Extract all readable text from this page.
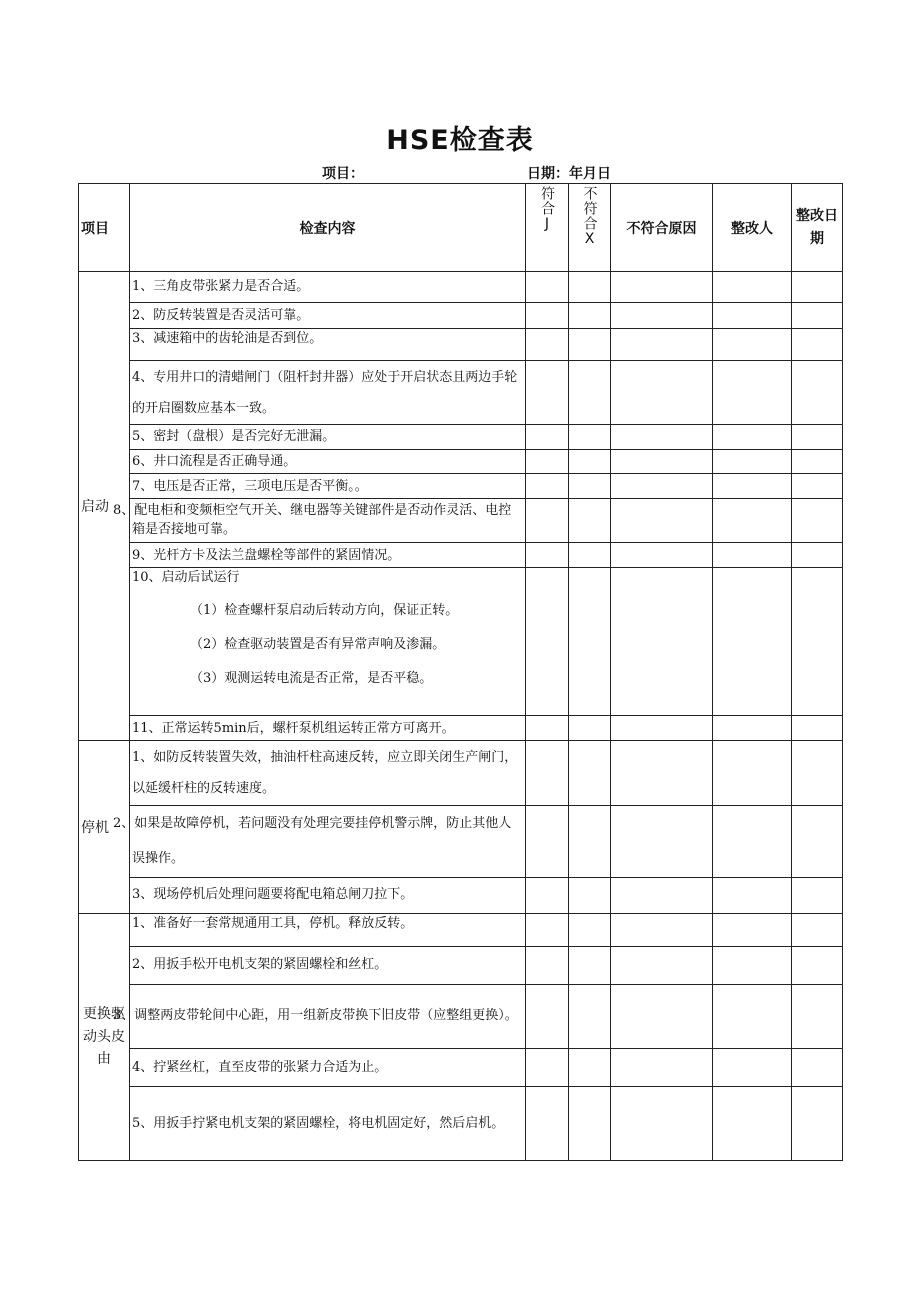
HSE检查表
项目：	日期：年月日
项目	检查内容	符合J	不符合X	不符合原因	整改人	整改日期
启动	1、三角皮带张紧力是否合适。					
	2、防反转装置是否灵活可靠。					
	3、减速箱中的齿轮油是否到位。					
	4、专用井口的清蜡闸门（阻杆封井器）应处于开启状态且两边手轮的开启圈数应基本一致。					
	5、密封（盘根）是否完好无泄漏。					
	6、井口流程是否正确导通。					
	7、电压是否正常，三项电压是否平衡。。					
	8、配电柜和变频柜空气开关、继电器等关键部件是否动作灵活、电控箱是否接地可靠。					
	9、光杆方卡及法兰盘螺栓等部件的紧固情况。					

	10、启动后试运行
（1）检查螺杆泵启动后转动方向，保证正转。
（2）检查驱动装置是否有异常声响及渗漏。
（3）观测运转电流是否正常，是否平稳。					

	11、正常运转5min后，螺杆泵机组运转正常方可离开。					
停机	1、如防反转装置失效，抽油杆柱高速反转，应立即关闭生产闸门，以延缓杆柱的反转速度。					
	2、如果是故障停机，若问题没有处理完要挂停机警示牌，防止其他人误操作。					
	3、现场停机后处理问题要将配电箱总闸刀拉下。					
更换驱动头皮由	1、准备好一套常规通用工具，停机。释放反转。					
	2、用扳手松开电机支架的紧固螺栓和丝杠。					
	3、调整两皮带轮间中心距，用一组新皮带换下旧皮带（应整组更换）。					
	4、拧紧丝杠，直至皮带的张紧力合适为止。					
	5、用扳手拧紧电机支架的紧固螺栓，将电机固定好，然后启机。					
